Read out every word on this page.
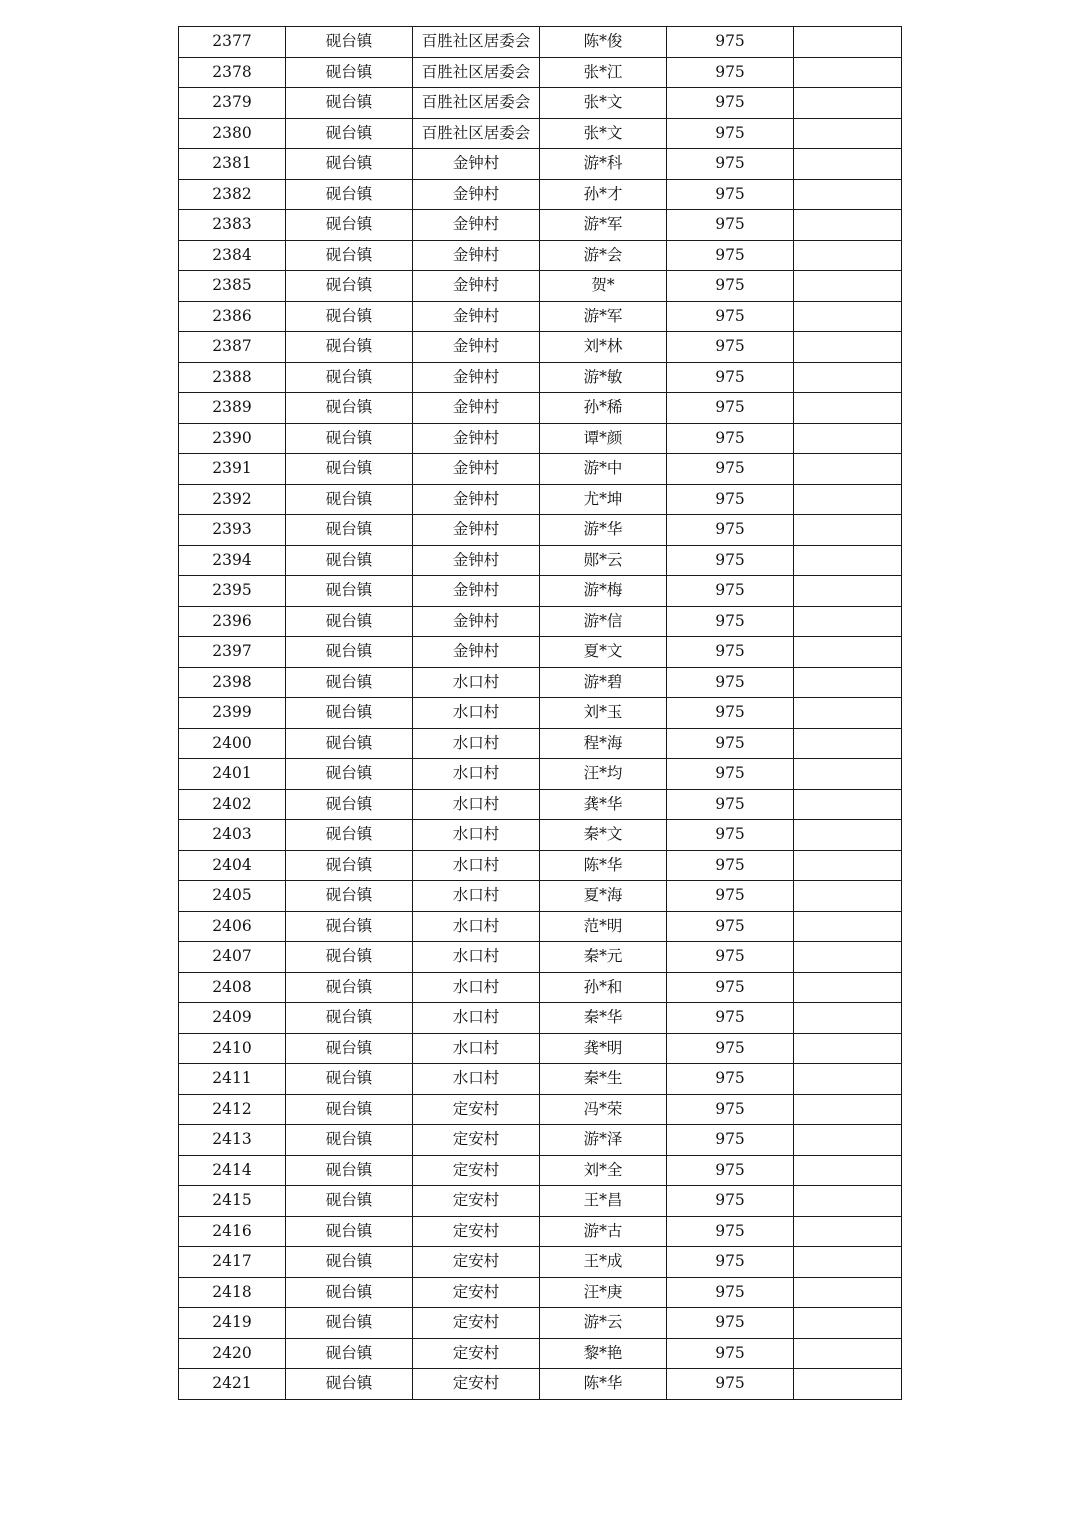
2377	砚台镇	百胜社区居委会	陈*俊	975	
2378	砚台镇	百胜社区居委会	张*江	975	
2379	砚台镇	百胜社区居委会	张*文	975	
2380	砚台镇	百胜社区居委会	张*文	975	
2381	砚台镇	金钟村	游*科	975	
2382	砚台镇	金钟村	孙*才	975	
2383	砚台镇	金钟村	游*军	975	
2384	砚台镇	金钟村	游*会	975	
2385	砚台镇	金钟村	贺*	975	
2386	砚台镇	金钟村	游*军	975	
2387	砚台镇	金钟村	刘*林	975	
2388	砚台镇	金钟村	游*敏	975	
2389	砚台镇	金钟村	孙*稀	975	
2390	砚台镇	金钟村	谭*颜	975	
2391	砚台镇	金钟村	游*中	975	
2392	砚台镇	金钟村	尤*坤	975	
2393	砚台镇	金钟村	游*华	975	
2394	砚台镇	金钟村	郧*云	975	
2395	砚台镇	金钟村	游*梅	975	
2396	砚台镇	金钟村	游*信	975	
2397	砚台镇	金钟村	夏*文	975	
2398	砚台镇	水口村	游*碧	975	
2399	砚台镇	水口村	刘*玉	975	
2400	砚台镇	水口村	程*海	975	
2401	砚台镇	水口村	汪*均	975	
2402	砚台镇	水口村	龚*华	975	
2403	砚台镇	水口村	秦*文	975	
2404	砚台镇	水口村	陈*华	975	
2405	砚台镇	水口村	夏*海	975	
2406	砚台镇	水口村	范*明	975	
2407	砚台镇	水口村	秦*元	975	
2408	砚台镇	水口村	孙*和	975	
2409	砚台镇	水口村	秦*华	975	
2410	砚台镇	水口村	龚*明	975	
2411	砚台镇	水口村	秦*生	975	
2412	砚台镇	定安村	冯*荣	975	
2413	砚台镇	定安村	游*泽	975	
2414	砚台镇	定安村	刘*全	975	
2415	砚台镇	定安村	王*昌	975	
2416	砚台镇	定安村	游*古	975	
2417	砚台镇	定安村	王*成	975	
2418	砚台镇	定安村	汪*庚	975	
2419	砚台镇	定安村	游*云	975	
2420	砚台镇	定安村	黎*艳	975	
2421	砚台镇	定安村	陈*华	975	
